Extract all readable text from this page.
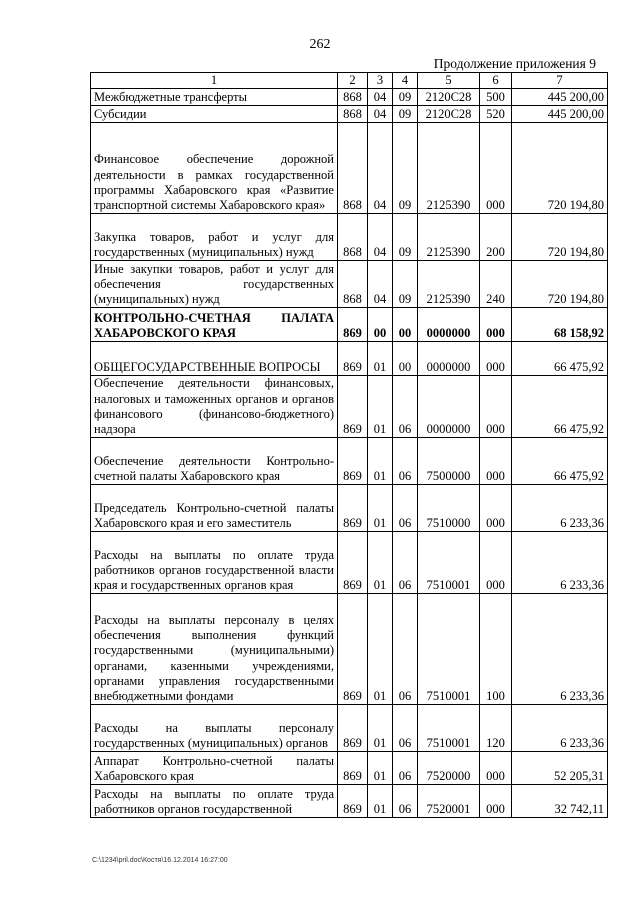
262
Продолжение приложения 9
1	2	3	4	5	6	7
Межбюджетные трансферты	868	04	09	2120С28	500	445 200,00
Субсидии	868	04	09	2120С28	520	445 200,00
Финансовое обеспечение дорожной деятельности в рамках государственной программы Хабаровского края «Развитие транспортной системы Хабаровского края»	868	04	09	2125390	000	720 194,80
Закупка товаров, работ и услуг для государственных (муниципальных) нужд	868	04	09	2125390	200	720 194,80
Иные закупки товаров, работ и услуг для обеспечения государственных (муниципальных) нужд	868	04	09	2125390	240	720 194,80
КОНТРОЛЬНО-СЧЕТНАЯ ПАЛАТА ХАБАРОВСКОГО КРАЯ	869	00	00	0000000	000	68 158,92
ОБЩЕГОСУДАРСТВЕННЫЕ ВОПРОСЫ	869	01	00	0000000	000	66 475,92
Обеспечение деятельности финансовых, налоговых и таможенных органов и органов финансового (финансово-бюджетного) надзора	869	01	06	0000000	000	66 475,92
Обеспечение деятельности Контрольно-счетной палаты Хабаровского края	869	01	06	7500000	000	66 475,92
Председатель Контрольно-счетной палаты Хабаровского края и его заместитель	869	01	06	7510000	000	6 233,36
Расходы на выплаты по оплате труда работников органов государственной власти края и государственных органов края	869	01	06	7510001	000	6 233,36
Расходы на выплаты персоналу в целях обеспечения выполнения функций государственными (муниципальными) органами, казенными учреждениями, органами управления государственными внебюджетными фондами	869	01	06	7510001	100	6 233,36
Расходы на выплаты персоналу государственных (муниципальных) органов	869	01	06	7510001	120	6 233,36
Аппарат Контрольно-счетной палаты Хабаровского края	869	01	06	7520000	000	52 205,31
Расходы на выплаты по оплате труда работников органов государственной	869	01	06	7520001	000	32 742,11
C:\1234\pril.doc\Костя\16.12.2014 16:27:00
